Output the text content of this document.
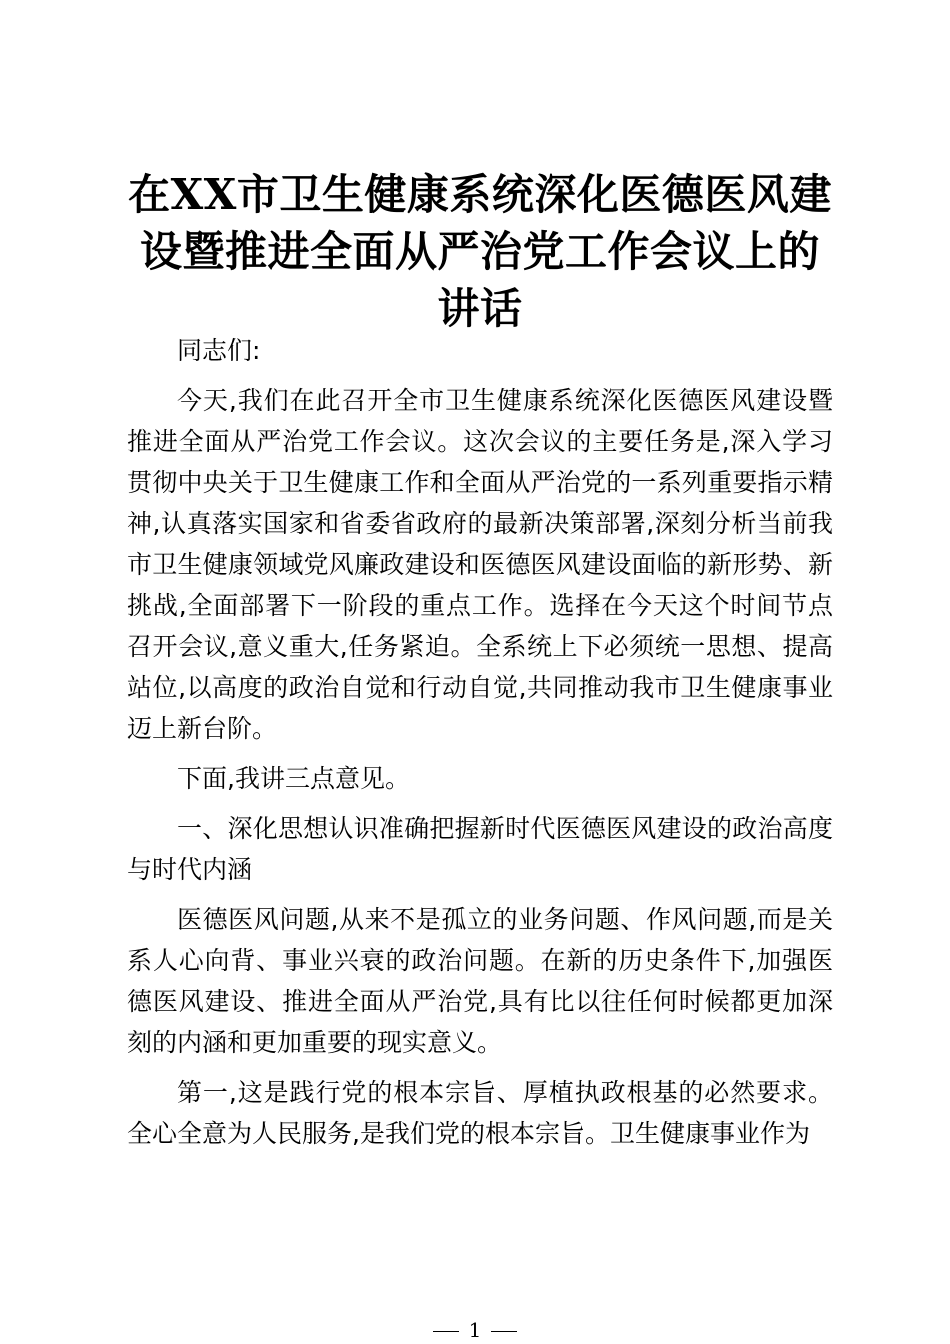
在XX市卫生健康系统深化医德医风建设暨推进全面从严治党工作会议上的讲话

同志们:

今天,我们在此召开全市卫生健康系统深化医德医风建设暨推进全面从严治党工作会议。这次会议的主要任务是,深入学习贯彻中央关于卫生健康工作和全面从严治党的一系列重要指示精神,认真落实国家和省委省政府的最新决策部署,深刻分析当前我市卫生健康领域党风廉政建设和医德医风建设面临的新形势、新挑战,全面部署下一阶段的重点工作。选择在今天这个时间节点召开会议,意义重大,任务紧迫。全系统上下必须统一思想、提高站位,以高度的政治自觉和行动自觉,共同推动我市卫生健康事业迈上新台阶。

下面,我讲三点意见。

一、深化思想认识准确把握新时代医德医风建设的政治高度与时代内涵

医德医风问题,从来不是孤立的业务问题、作风问题,而是关系人心向背、事业兴衰的政治问题。在新的历史条件下,加强医德医风建设、推进全面从严治党,具有比以往任何时候都更加深刻的内涵和更加重要的现实意义。

第一,这是践行党的根本宗旨、厚植执政根基的必然要求。全心全意为人民服务,是我们党的根本宗旨。卫生健康事业作为

1
